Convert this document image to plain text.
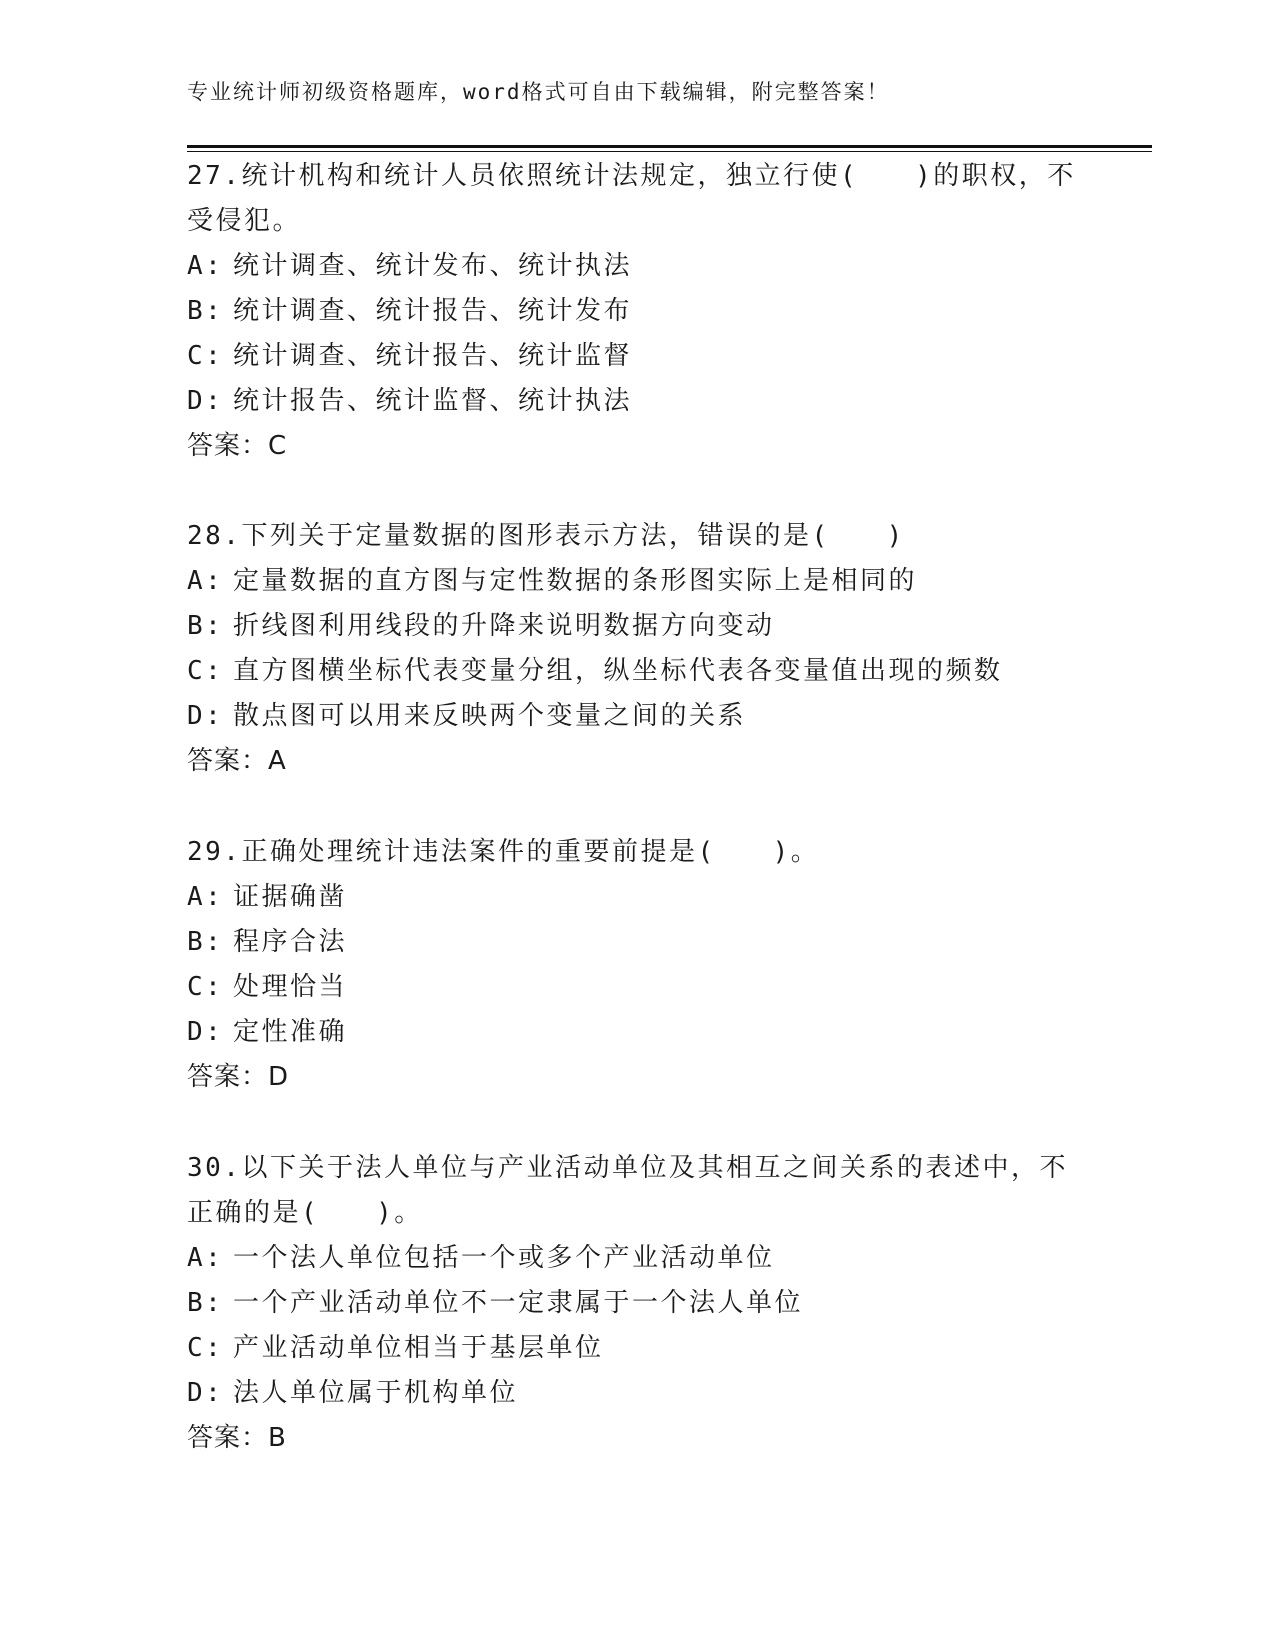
专业统计师初级资格题库，word格式可自由下载编辑，附完整答案！
27.统计机构和统计人员依照统计法规定，独立行使(　　)的职权，不
受侵犯。
A: 统计调查、统计发布、统计执法
B: 统计调查、统计报告、统计发布
C: 统计调查、统计报告、统计监督
D: 统计报告、统计监督、统计执法
答案：C
28.下列关于定量数据的图形表示方法，错误的是(　　)
A: 定量数据的直方图与定性数据的条形图实际上是相同的
B: 折线图利用线段的升降来说明数据方向变动
C: 直方图横坐标代表变量分组，纵坐标代表各变量值出现的频数
D: 散点图可以用来反映两个变量之间的关系
答案：A
29.正确处理统计违法案件的重要前提是(　　)。
A: 证据确凿
B: 程序合法
C: 处理恰当
D: 定性准确
答案：D
30.以下关于法人单位与产业活动单位及其相互之间关系的表述中，不
正确的是(　　)。
A: 一个法人单位包括一个或多个产业活动单位
B: 一个产业活动单位不一定隶属于一个法人单位
C: 产业活动单位相当于基层单位
D: 法人单位属于机构单位
答案：B
